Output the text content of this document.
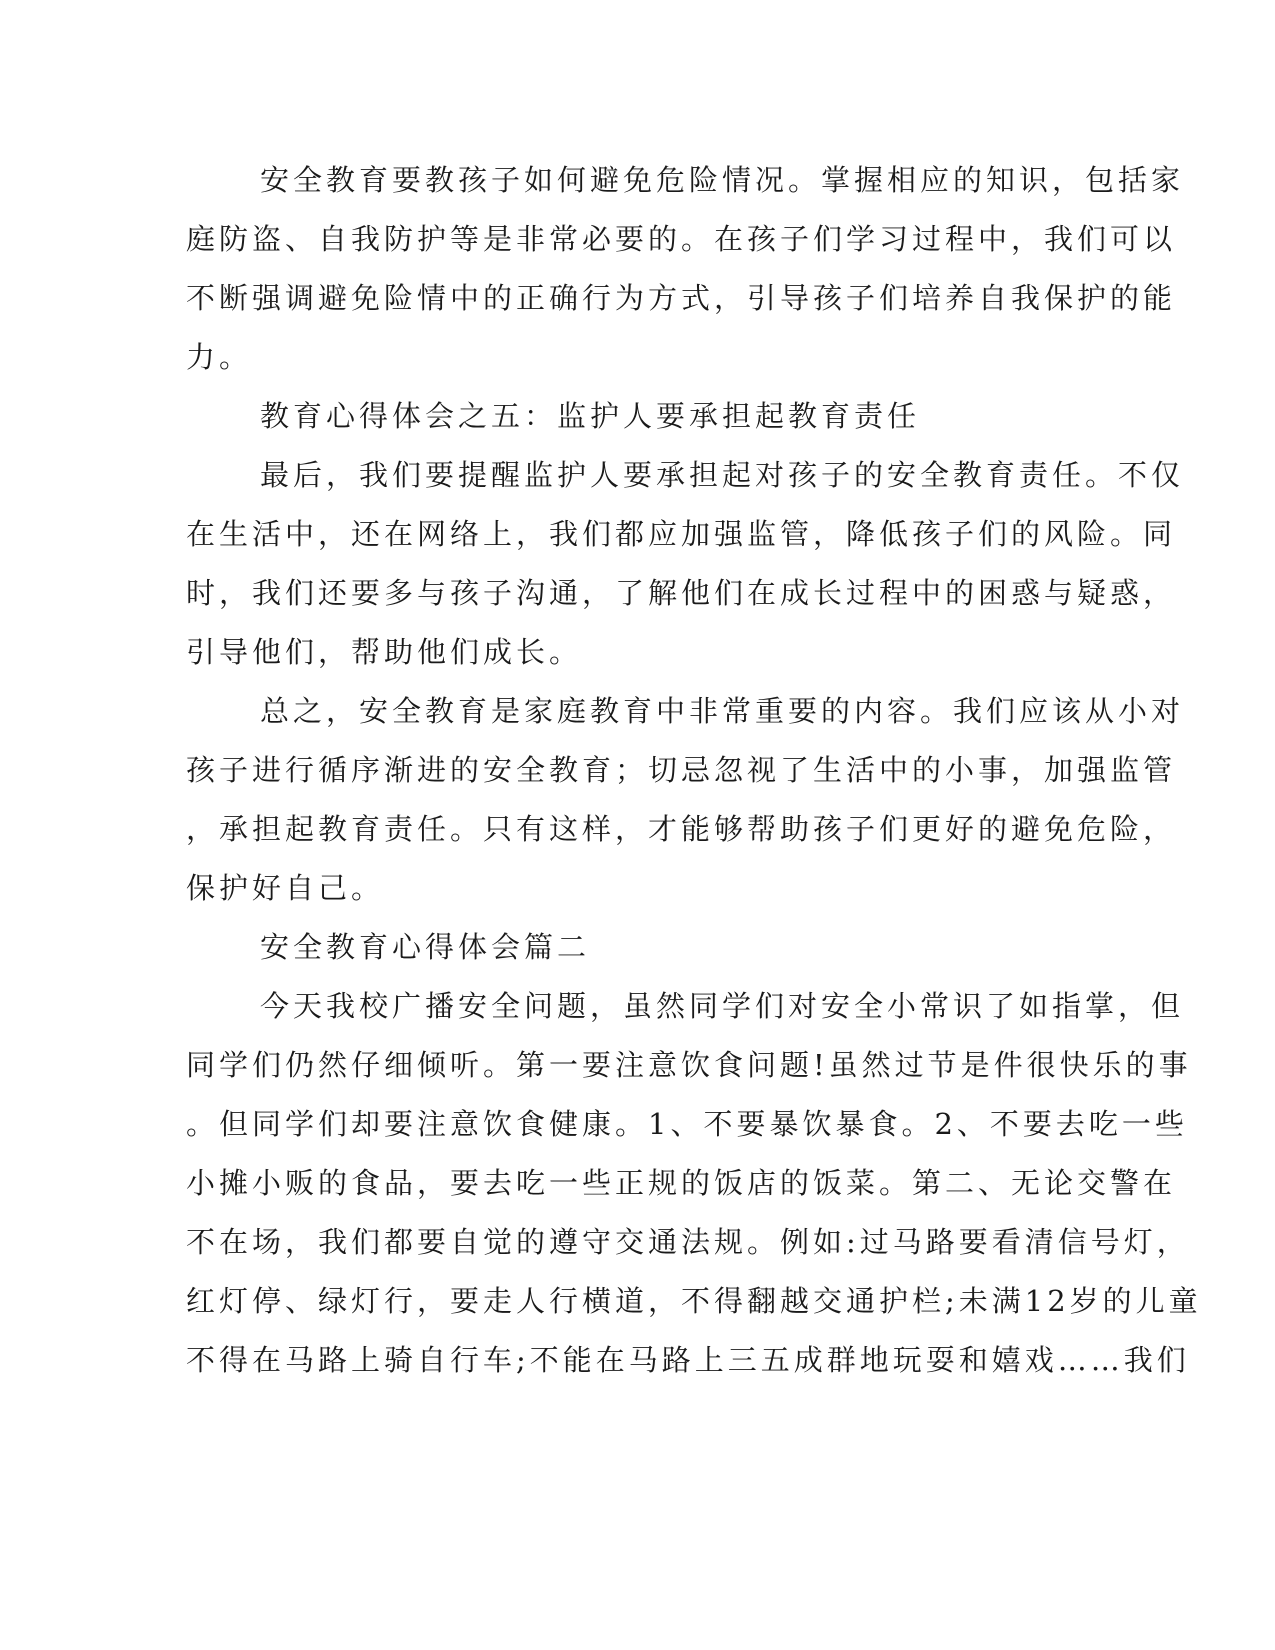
安全教育要教孩子如何避免危险情况。掌握相应的知识，包括家
庭防盗、自我防护等是非常必要的。在孩子们学习过程中，我们可以
不断强调避免险情中的正确行为方式，引导孩子们培养自我保护的能
力。
教育心得体会之五：监护人要承担起教育责任
最后，我们要提醒监护人要承担起对孩子的安全教育责任。不仅
在生活中，还在网络上，我们都应加强监管，降低孩子们的风险。同
时，我们还要多与孩子沟通，了解他们在成长过程中的困惑与疑惑，
引导他们，帮助他们成长。
总之，安全教育是家庭教育中非常重要的内容。我们应该从小对
孩子进行循序渐进的安全教育；切忌忽视了生活中的小事，加强监管
，承担起教育责任。只有这样，才能够帮助孩子们更好的避免危险，
保护好自己。
安全教育心得体会篇二
今天我校广播安全问题，虽然同学们对安全小常识了如指掌，但
同学们仍然仔细倾听。第一要注意饮食问题!虽然过节是件很快乐的事
。但同学们却要注意饮食健康。1、不要暴饮暴食。2、不要去吃一些
小摊小贩的食品，要去吃一些正规的饭店的饭菜。第二、无论交警在
不在场，我们都要自觉的遵守交通法规。例如:过马路要看清信号灯，
红灯停、绿灯行，要走人行横道，不得翻越交通护栏;未满12岁的儿童
不得在马路上骑自行车;不能在马路上三五成群地玩耍和嬉戏……我们
